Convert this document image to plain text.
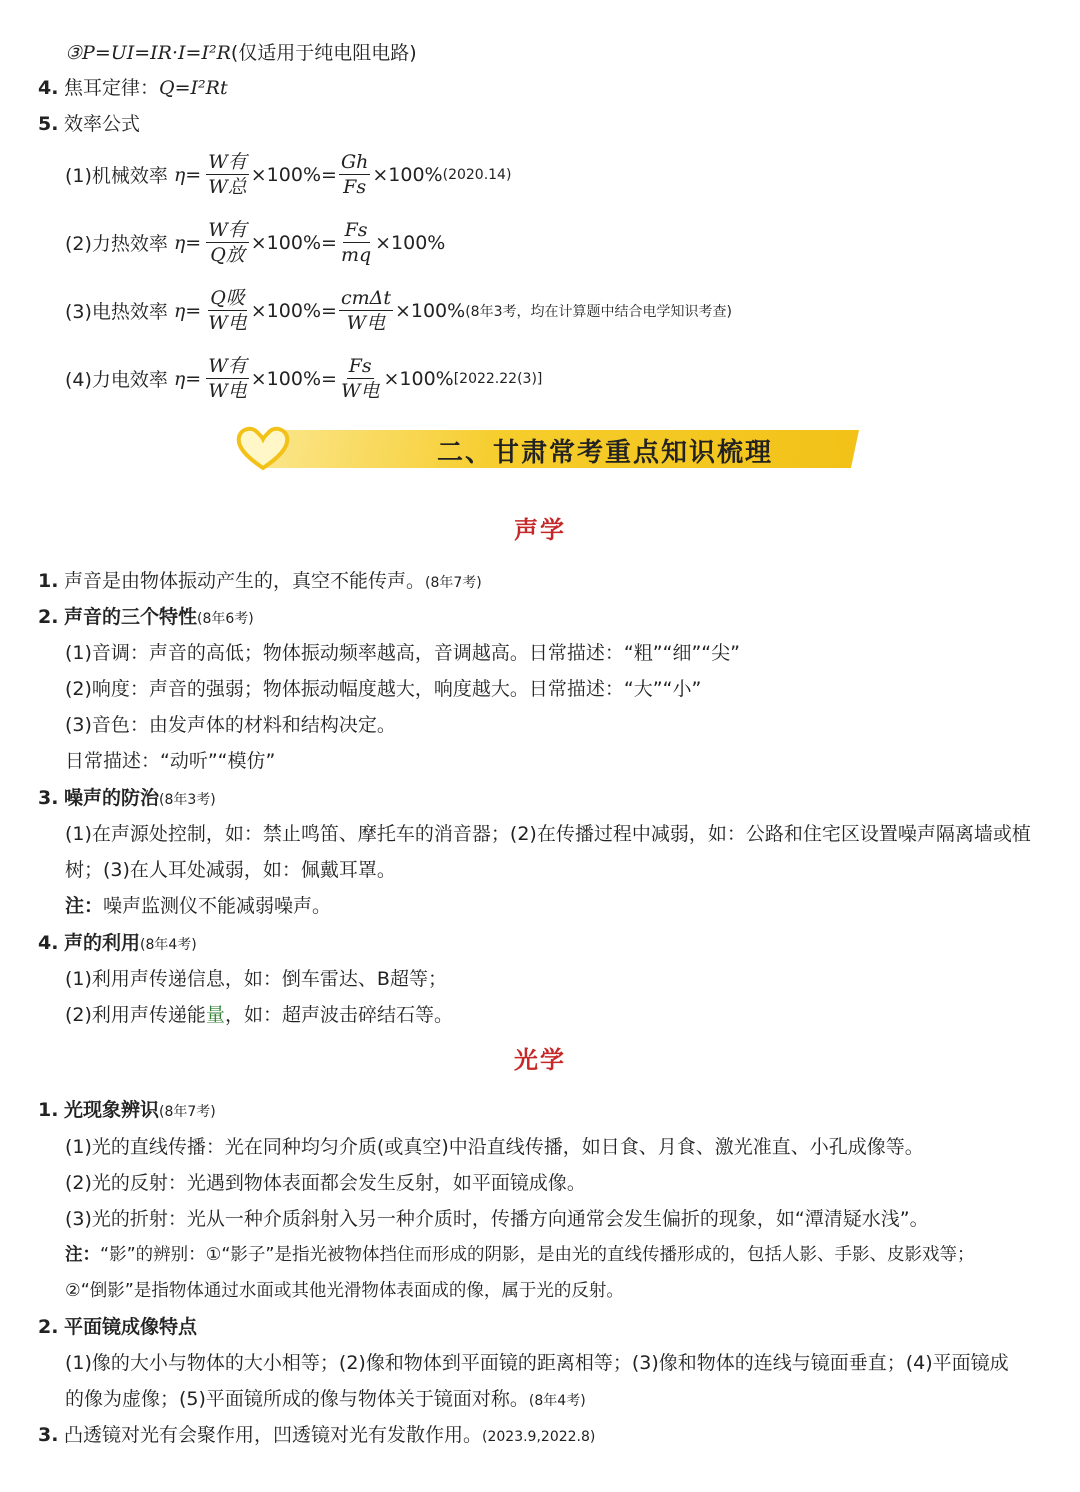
③P=UI=IR·I=I²R(仅适用于纯电阻电路)
4. 焦耳定律：Q=I²Rt
5. 效率公式
(1)机械效率 $\eta= \frac{\text{W有}}{\text{W总}} \times 100\%= \frac{Gh}{Fs} \times 100\%$ (2020.14)
(2)力热效率 $\eta= \frac{\text{W有}}{\text{Q放}} \times 100\%= \frac{Fs}{mq} \times 100\%$
(3)电热效率 $\eta= \frac{\text{Q吸}}{\text{W电}} \times 100\%= \frac{\text{cmΔt}}{\text{W电}} \times 100\%$ (8年3考，均在计算题中结合电学知识考查)
(4)力电效率 $\eta= \frac{\text{W有}}{\text{W电}} \times 100\%= \frac{Fs}{\text{W电}} \times 100\%$ [2022.22(3)]
二、甘肃常考重点知识梳理
声学
1. 声音是由物体振动产生的，真空不能传声。(8年7考)
2. 声音的三个特性(8年6考)
(1)音调：声音的高低；物体振动频率越高，音调越高。日常描述：“粗”“细”“尖”
(2)响度：声音的强弱；物体振动幅度越大，响度越大。日常描述：“大”“小”
(3)音色：由发声体的材料和结构决定。
日常描述：“动听”“模仿”
3. 噪声的防治(8年3考)
(1)在声源处控制，如：禁止鸣笛、摩托车的消音器；(2)在传播过程中减弱，如：公路和住宅区设置噪声隔离墙或植
树；(3)在人耳处减弱，如：佩戴耳罩。
注：噪声监测仪不能减弱噪声。
4. 声的利用(8年4考)
(1)利用声传递信息，如：倒车雷达、B超等；
(2)利用声传递能量，如：超声波击碎结石等。
光学
1. 光现象辨识(8年7考)
(1)光的直线传播：光在同种均匀介质(或真空)中沿直线传播，如日食、月食、激光准直、小孔成像等。
(2)光的反射：光遇到物体表面都会发生反射，如平面镜成像。
(3)光的折射：光从一种介质斜射入另一种介质时，传播方向通常会发生偏折的现象，如“潭清疑水浅”。
注：“影”的辨别：①“影子”是指光被物体挡住而形成的阴影，是由光的直线传播形成的，包括人影、手影、皮影戏等；
②“倒影”是指物体通过水面或其他光滑物体表面成的像，属于光的反射。
2. 平面镜成像特点
(1)像的大小与物体的大小相等；(2)像和物体到平面镜的距离相等；(3)像和物体的连线与镜面垂直；(4)平面镜成
的像为虚像；(5)平面镜所成的像与物体关于镜面对称。(8年4考)
3. 凸透镜对光有会聚作用，凹透镜对光有发散作用。(2023.9,2022.8)
